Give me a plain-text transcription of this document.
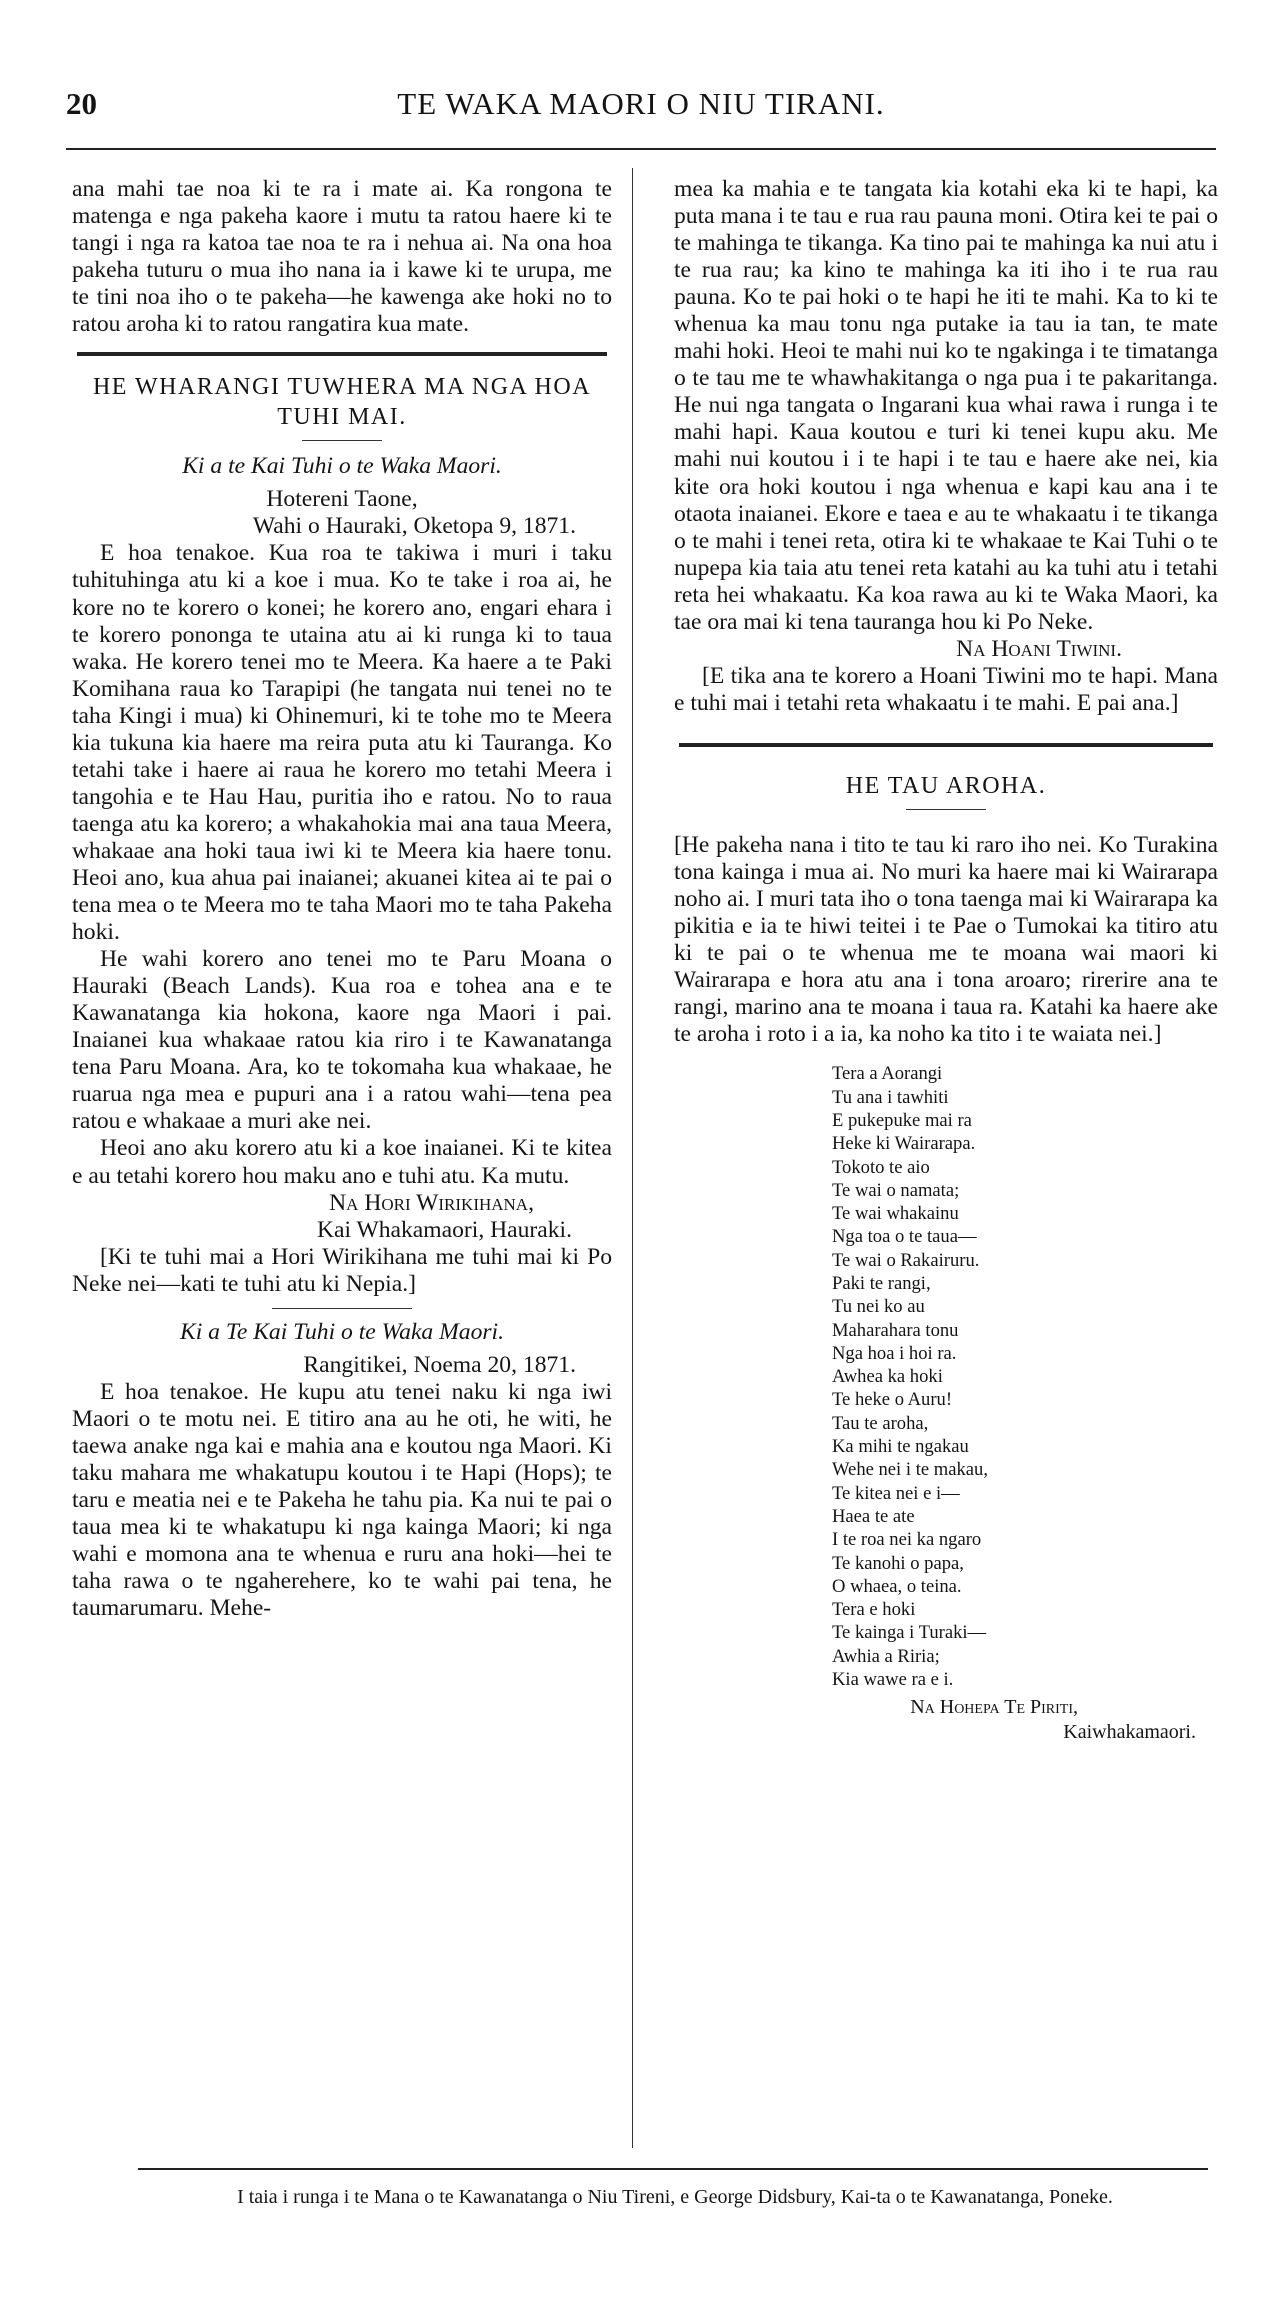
20	TE WAKA MAORI O NIU TIRANI.

ana mahi tae noa ki te ra i mate ai. Ka rongona te matenga e nga pakeha kaore i mutu ta ratou haere ki te tangi i nga ra katoa tae noa te ra i nehua ai. Na ona hoa pakeha tuturu o mua iho nana ia i kawe ki te urupa, me te tini noa iho o te pakeha—he kawenga ake hoki no to ratou aroha ki to ratou rangatira kua mate.

HE WHARANGI TUWHERA MA NGA HOA TUHI MAI.
Ki a te Kai Tuhi o te Waka Maori.
Hotereni Taone,
Wahi o Hauraki, Oketopa 9, 1871.

E hoa tenakoe. Kua roa te takiwa i muri i taku tuhituhinga atu ki a koe i mua. Ko te take i roa ai, he kore no te korero o konei; he korero ano, engari ehara i te korero pononga te utaina atu ai ki runga ki to taua waka. He korero tenei mo te Meera. Ka haere a te Paki Komihana raua ko Tarapipi (he tangata nui tenei no te taha Kingi i mua) ki Ohinemuri, ki te tohe mo te Meera kia tukuna kia haere ma reira puta atu ki Tauranga. Ko tetahi take i haere ai raua he korero mo tetahi Meera i tangohia e te Hau Hau, puritia iho e ratou. No to raua taenga atu ka korero; a whakahokia mai ana taua Meera, whakaae ana hoki taua iwi ki te Meera kia haere tonu. Heoi ano, kua ahua pai inaianei; akuanei kitea ai te pai o tena mea o te Meera mo te taha Maori mo te taha Pakeha hoki.

He wahi korero ano tenei mo te Paru Moana o Hauraki (Beach Lands). Kua roa e tohea ana e te Kawanatanga kia hokona, kaore nga Maori i pai. Inaianei kua whakaae ratou kia riro i te Kawanatanga tena Paru Moana. Ara, ko te tokomaha kua whakaae, he ruarua nga mea e pupuri ana i a ratou wahi—tena pea ratou e whakaae a muri ake nei.

Heoi ano aku korero atu ki a koe inaianei. Ki te kitea e au tetahi korero hou maku ano e tuhi atu. Ka mutu.

Na Hori Wirikihana,
Kai Whakamaori, Hauraki.

[Ki te tuhi mai a Hori Wirikihana me tuhi mai ki Po Neke nei—kati te tuhi atu ki Nepia.]

Ki a Te Kai Tuhi o te Waka Maori.
Rangitikei, Noema 20, 1871.

E hoa tenakoe. He kupu atu tenei naku ki nga iwi Maori o te motu nei. E titiro ana au he oti, he witi, he taewa anake nga kai e mahia ana e koutou nga Maori. Ki taku mahara me whakatupu koutou i te Hapi (Hops); te taru e meatia nei e te Pakeha he tahu pia. Ka nui te pai o taua mea ki te whakatupu ki nga kainga Maori; ki nga wahi e momona ana te whenua e ruru ana hoki—hei te taha rawa o te ngaherehere, ko te wahi pai tena, he taumarumaru. Mehe-

mea ka mahia e te tangata kia kotahi eka ki te hapi, ka puta mana i te tau e rua rau pauna moni. Otira kei te pai o te mahinga te tikanga. Ka tino pai te mahinga ka nui atu i te rua rau; ka kino te mahinga ka iti iho i te rua rau pauna. Ko te pai hoki o te hapi he iti te mahi. Ka to ki te whenua ka mau tonu nga putake ia tau ia tan, te mate mahi hoki. Heoi te mahi nui ko te ngakinga i te timatanga o te tau me te whawhakitanga o nga pua i te pakaritanga. He nui nga tangata o Ingarani kua whai rawa i runga i te mahi hapi. Kaua koutou e turi ki tenei kupu aku. Me mahi nui koutou i i te hapi i te tau e haere ake nei, kia kite ora hoki koutou i nga whenua e kapi kau ana i te otaota inaianei. Ekore e taea e au te whakaatu i te tikanga o te mahi i tenei reta, otira ki te whakaae te Kai Tuhi o te nupepa kia taia atu tenei reta katahi au ka tuhi atu i tetahi reta hei whakaatu. Ka koa rawa au ki te Waka Maori, ka tae ora mai ki tena tauranga hou ki Po Neke.

Na Hoani Tiwini.

[E tika ana te korero a Hoani Tiwini mo te hapi. Mana e tuhi mai i tetahi reta whakaatu i te mahi. E pai ana.]

HE TAU AROHA.

[He pakeha nana i tito te tau ki raro iho nei. Ko Turakina tona kainga i mua ai. No muri ka haere mai ki Wairarapa noho ai. I muri tata iho o tona taenga mai ki Wairarapa ka pikitia e ia te hiwi teitei i te Pae o Tumokai ka titiro atu ki te pai o te whenua me te moana wai maori ki Wairarapa e hora atu ana i tona aroaro; rirerire ana te rangi, marino ana te moana i taua ra. Katahi ka haere ake te aroha i roto i a ia, ka noho ka tito i te waiata nei.]

Tera a Aorangi
Tu ana i tawhiti
E pukepuke mai ra
Heke ki Wairarapa.
Tokoto te aio
Te wai o namata;
Te wai whakainu
Nga toa o te taua—
Te wai o Rakairuru.
Paki te rangi,
Tu nei ko au
Maharahara tonu
Nga hoa i hoi ra.
Awhea ka hoki
Te heke o Auru!
Tau te aroha,
Ka mihi te ngakau
Wehe nei i te makau,
Te kitea nei e i—
Haea te ate
I te roa nei ka ngaro
Te kanohi o papa,
O whaea, o teina.
Tera e hoki
Te kainga i Turaki—
Awhia a Riria;
Kia wawe ra e i.
Na Hohepa Te Piriti,
Kaiwhakamaori.
I taia i runga i te Mana o te Kawanatanga o Niu Tireni, e George Didsbury, Kai-ta o te Kawanatanga, Poneke.
